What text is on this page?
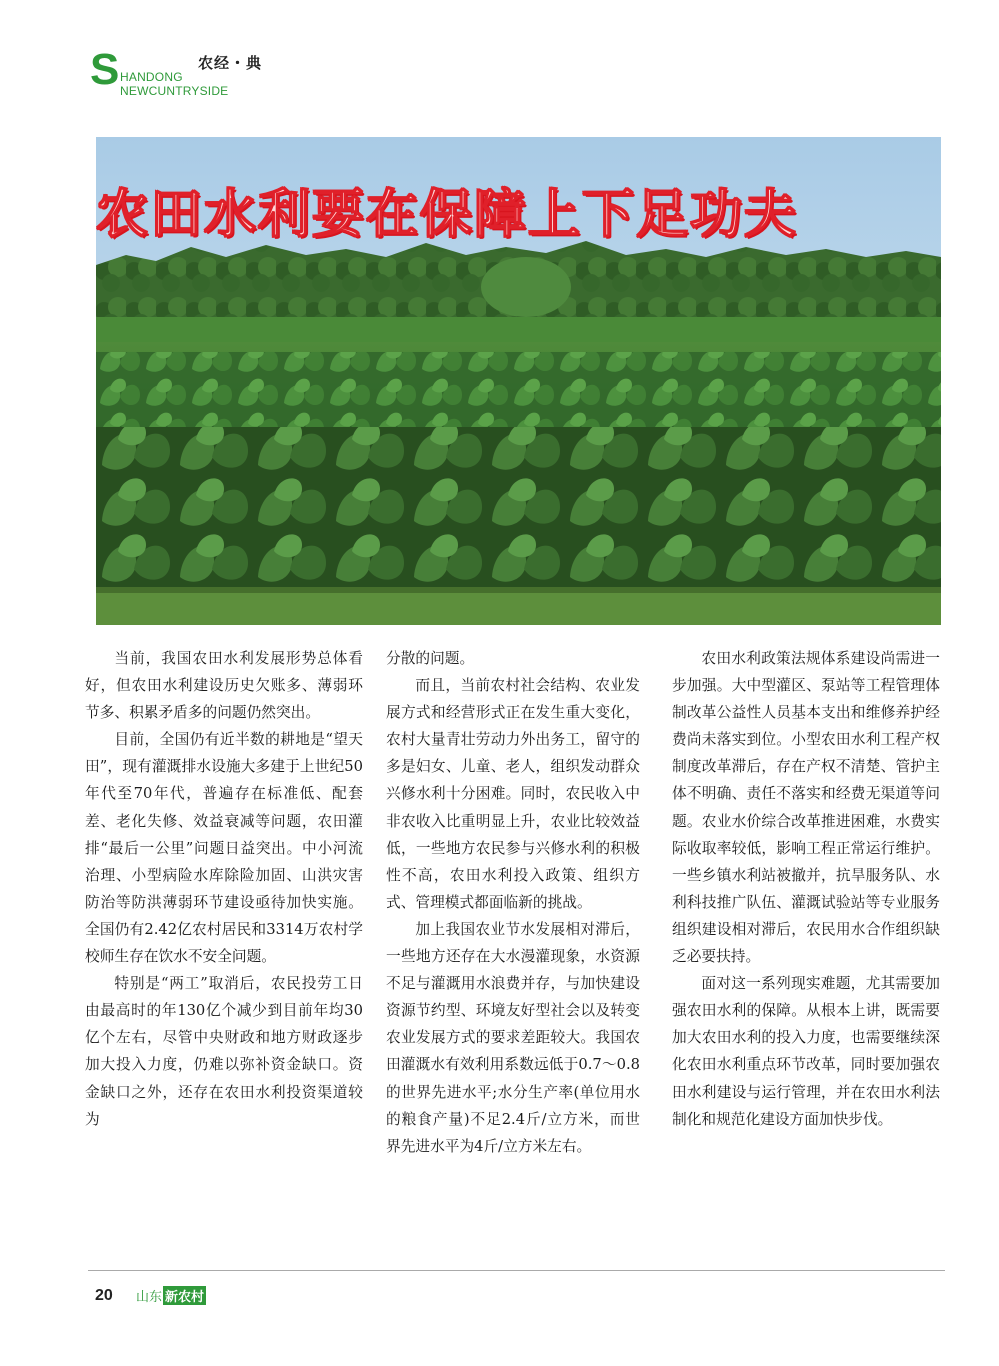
S	农经・典
HANDONG NEWCUNTRYSIDE
农田水利要在保障上下足功夫

当前，我国农田水利发展形势总体看好，但农田水利建设历史欠账多、薄弱环节多、积累矛盾多的问题仍然突出。

目前，全国仍有近半数的耕地是“望天田”，现有灌溉排水设施大多建于上世纪50年代至70年代，普遍存在标准低、配套差、老化失修、效益衰减等问题，农田灌排“最后一公里”问题日益突出。中小河流治理、小型病险水库除险加固、山洪灾害防治等防洪薄弱环节建设亟待加快实施。全国仍有2.42亿农村居民和3314万农村学校师生存在饮水不安全问题。

特别是“两工”取消后，农民投劳工日由最高时的年130亿个减少到目前年均30亿个左右，尽管中央财政和地方财政逐步加大投入力度，仍难以弥补资金缺口。资金缺口之外，还存在农田水利投资渠道较为

分散的问题。

而且，当前农村社会结构、农业发展方式和经营形式正在发生重大变化，农村大量青壮劳动力外出务工，留守的多是妇女、儿童、老人，组织发动群众兴修水利十分困难。同时，农民收入中非农收入比重明显上升，农业比较效益低，一些地方农民参与兴修水利的积极性不高，农田水利投入政策、组织方式、管理模式都面临新的挑战。

加上我国农业节水发展相对滞后，一些地方还存在大水漫灌现象，水资源不足与灌溉用水浪费并存，与加快建设资源节约型、环境友好型社会以及转变农业发展方式的要求差距较大。我国农田灌溉水有效利用系数远低于0.7～0.8的世界先进水平;水分生产率(单位用水的粮食产量)不足2.4斤/立方米，而世界先进水平为4斤/立方米左右。

农田水利政策法规体系建设尚需进一步加强。大中型灌区、泵站等工程管理体制改革公益性人员基本支出和维修养护经费尚未落实到位。小型农田水利工程产权制度改革滞后，存在产权不清楚、管护主体不明确、责任不落实和经费无渠道等问题。农业水价综合改革推进困难，水费实际收取率较低，影响工程正常运行维护。一些乡镇水利站被撤并，抗旱服务队、水利科技推广队伍、灌溉试验站等专业服务组织建设相对滞后，农民用水合作组织缺乏必要扶持。

面对这一系列现实难题，尤其需要加强农田水利的保障。从根本上讲，既需要加大农田水利的投入力度，也需要继续深化农田水利重点环节改革，同时要加强农田水利建设与运行管理，并在农田水利法制化和规范化建设方面加快步伐。

20 山东 新农村
